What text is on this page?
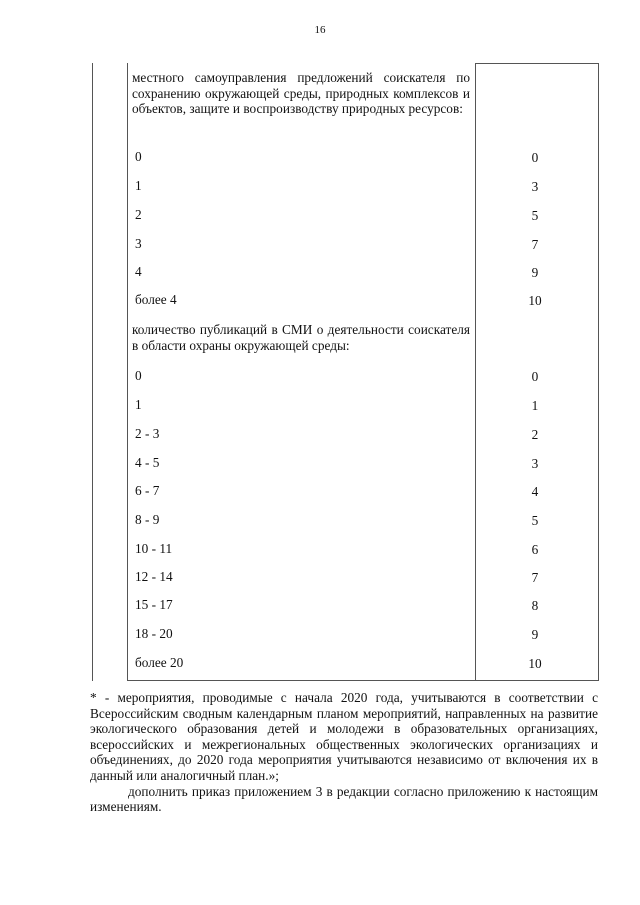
16
местного самоуправления предложений соискателя по сохранению окружающей среды, природных комплексов и объектов, защите и воспроизводству природных ресурсов:
0	0
1	3
2	5
3	7
4	9
более 4	10
количество публикаций в СМИ о деятельности соискателя в области охраны окружающей среды:
0	0
1	1
2 - 3	2
4 - 5	3
6 - 7	4
8 - 9	5
10 - 11	6
12 - 14	7
15 - 17	8
18 - 20	9
более 20	10

* - мероприятия, проводимые с начала 2020 года, учитываются в соответствии с Всероссийским сводным календарным планом мероприятий, направленных на развитие экологического образования детей и молодежи в образовательных организациях, всероссийских и межрегиональных общественных экологических организациях и объединениях, до 2020 года мероприятия учитываются независимо от включения их в данный или аналогичный план.»;

дополнить приказ приложением 3 в редакции согласно приложению к настоящим изменениям.
